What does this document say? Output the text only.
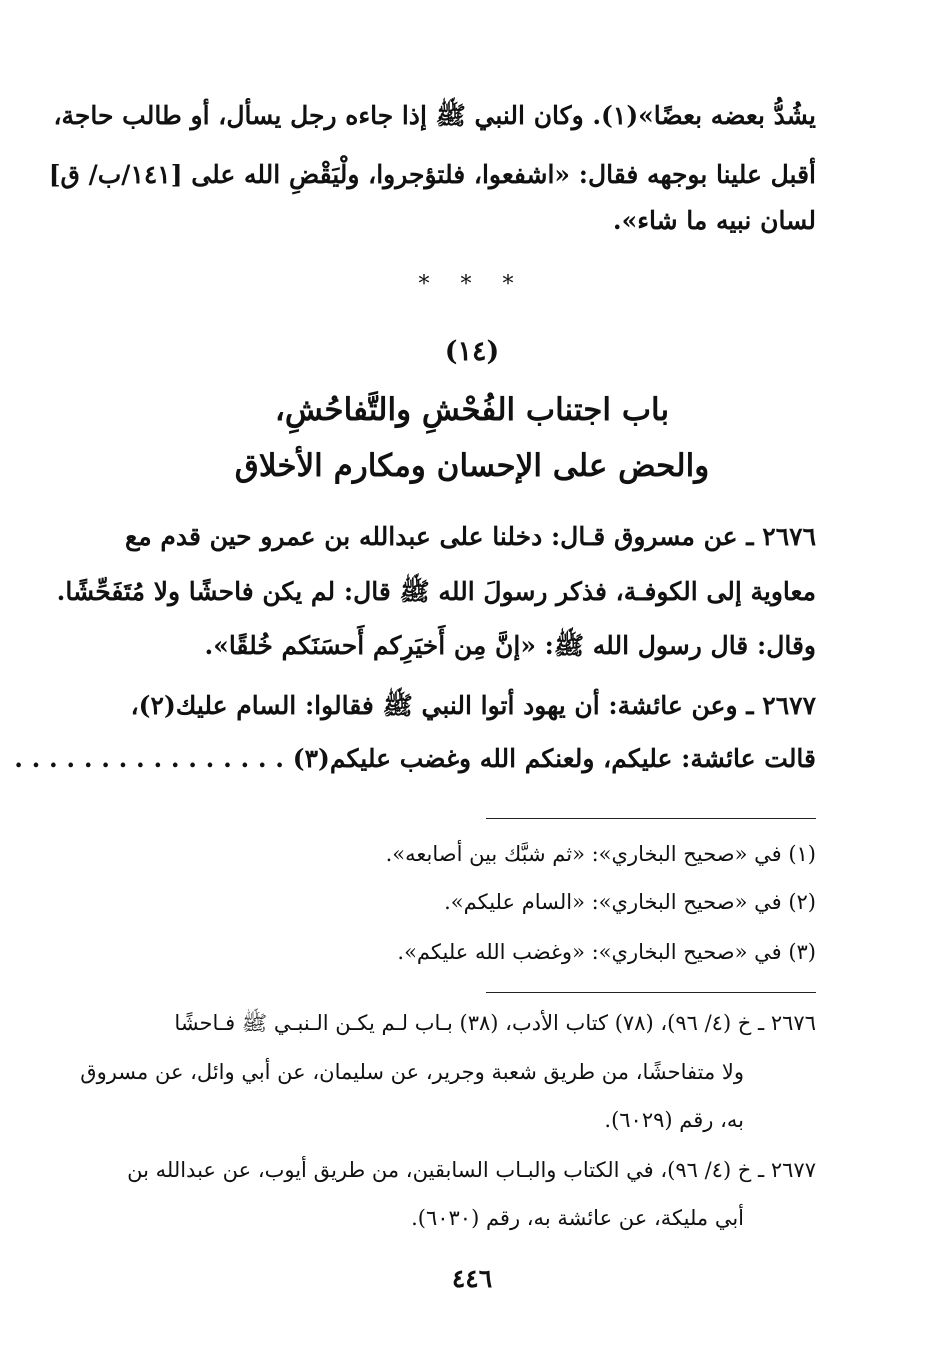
يشُدُّ بعضه بعضًا»(١). وكان النبي ﷺ إذا جاءه رجل يسأل، أو طالب حاجة،
أقبل علينا بوجهه فقال: «اشفعوا، فلتؤجروا، ولْيَقْضِ الله على [١٤١/ب/ ق]
لسان نبيه ما شاء».
* * *
(١٤)
باب اجتناب الفُحْشِ والتَّفاحُشِ،
والحض على الإحسان ومكارم الأخلاق
٢٦٧٦ ـ عن مسروق قـال: دخلنا على عبدالله بن عمرو حين قدم مع
معاوية إلى الكوفـة، فذكر رسولَ الله ﷺ قال: لم يكن فاحشًا ولا مُتَفَحِّشًا.
وقال: قال رسول الله ﷺ: «إنَّ مِن أَخيَرِكم أَحسَنَكم خُلقًا».
٢٦٧٧ ـ وعن عائشة: أن يهود أتوا النبي ﷺ فقالوا: السام عليك(٢)،
قالت عائشة: عليكم، ولعنكم الله وغضب عليكم(٣) . . . . . . . . . . . . . . . .
(١) في «صحيح البخاري»: «ثم شبَّك بين أصابعه».
(٢) في «صحيح البخاري»: «السام عليكم».
(٣) في «صحيح البخاري»: «وغضب الله عليكم».
٢٦٧٦ ـ خ (٤/ ٩٦)، (٧٨) كتاب الأدب، (٣٨) بـاب لـم يكـن الـنبـي ﷺ فـاحشًا
ولا متفاحشًا، من طريق شعبة وجرير، عن سليمان، عن أبي وائل، عن مسروق
به، رقم (٦٠٢٩).
٢٦٧٧ ـ خ (٤/ ٩٦)، في الكتاب والبـاب السابقين، من طريق أيوب، عن عبدالله بن
أبي مليكة، عن عائشة به، رقم (٦٠٣٠).
٤٤٦
